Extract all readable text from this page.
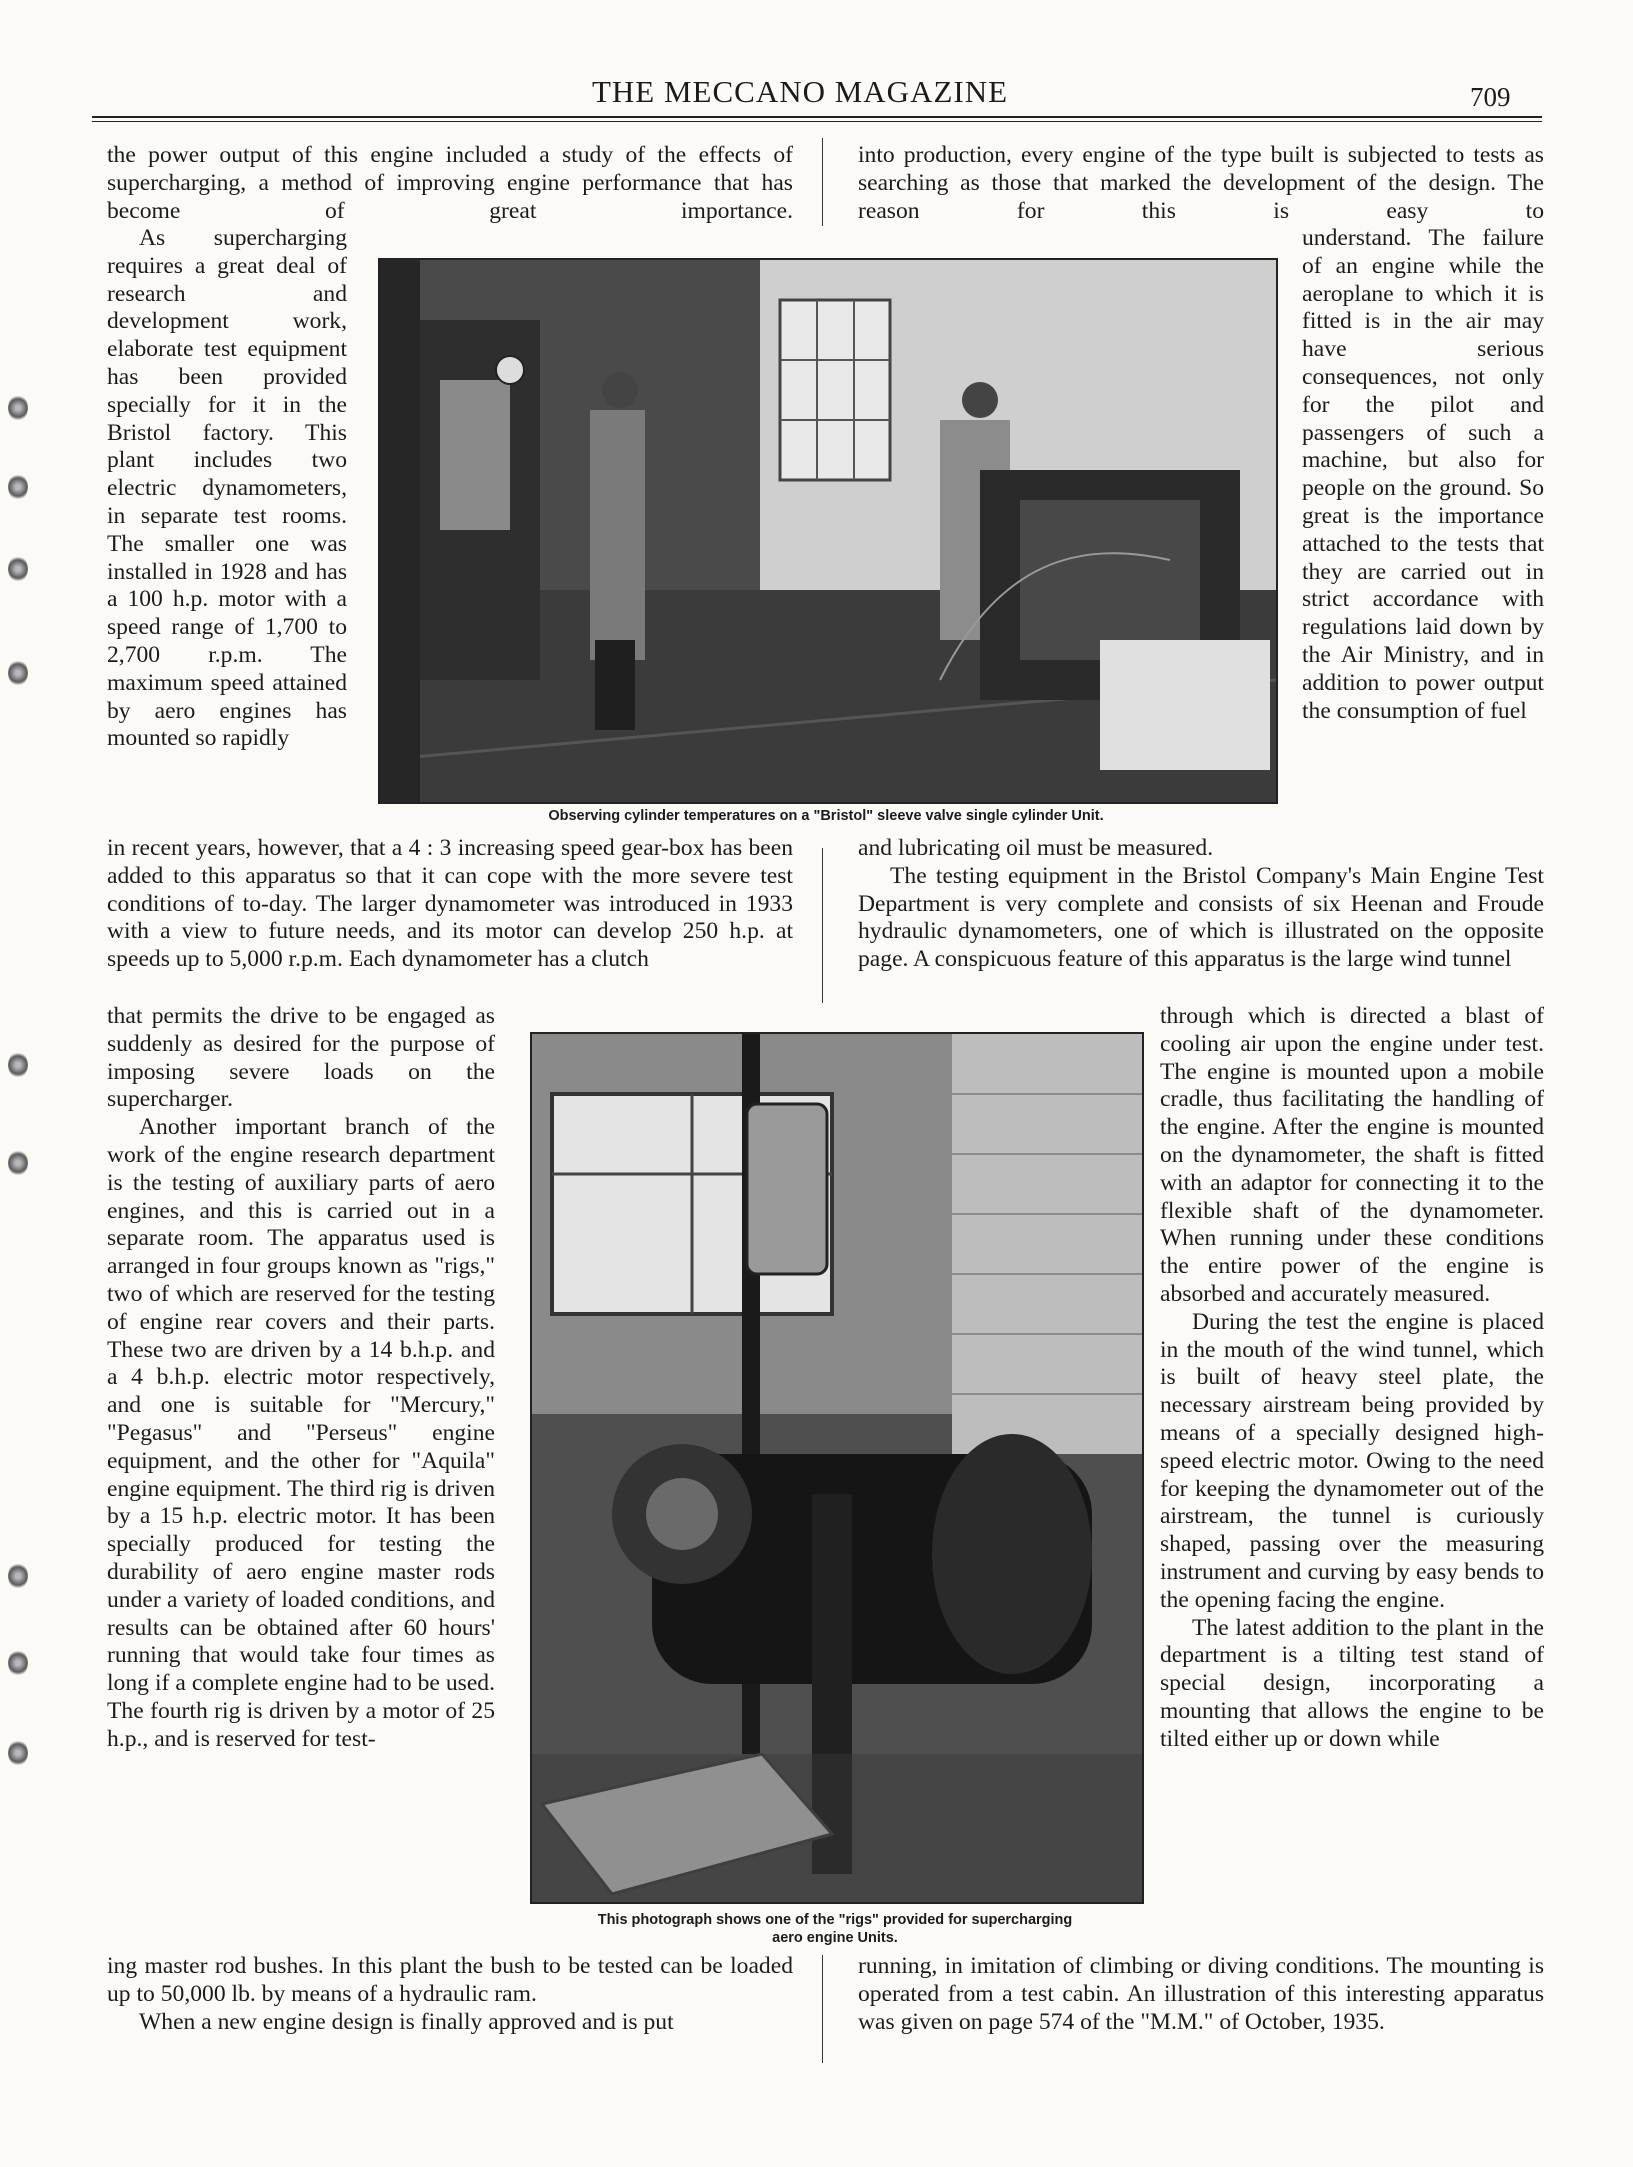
THE MECCANO MAGAZINE	709

the power output of this engine included a study of the effects of supercharging, a method of improving engine performance that has become of great importance.

As supercharging requires a great deal of research and development work, elaborate test equipment has been provided specially for it in the Bristol factory. This plant includes two electric dynamometers, in separate test rooms. The smaller one was installed in 1928 and has a 100 h.p. motor with a speed range of 1,700 to 2,700 r.p.m. The maximum speed attained by aero engines has mounted so rapidly

in recent years, however, that a 4 : 3 increasing speed gear-box has been added to this apparatus so that it can cope with the more severe test conditions of to-day. The larger dynamometer was introduced in 1933 with a view to future needs, and its motor can develop 250 h.p. at speeds up to 5,000 r.p.m. Each dynamometer has a clutch

that permits the drive to be engaged as suddenly as desired for the purpose of imposing severe loads on the supercharger.

Another important branch of the work of the engine research department is the testing of auxiliary parts of aero engines, and this is carried out in a separate room. The apparatus used is arranged in four groups known as "rigs," two of which are reserved for the testing of engine rear covers and their parts. These two are driven by a 14 b.h.p. and a 4 b.h.p. electric motor respectively, and one is suitable for "Mercury," "Pegasus" and "Perseus" engine equipment, and the other for "Aquila" engine equipment. The third rig is driven by a 15 h.p. electric motor. It has been specially produced for testing the durability of aero engine master rods under a variety of loaded conditions, and results can be obtained after 60 hours' running that would take four times as long if a complete engine had to be used. The fourth rig is driven by a motor of 25 h.p., and is reserved for test-

ing master rod bushes. In this plant the bush to be tested can be loaded up to 50,000 lb. by means of a hydraulic ram.

When a new engine design is finally approved and is put

into production, every engine of the type built is subjected to tests as searching as those that marked the development of the design. The reason for this is easy to

understand. The failure of an engine while the aeroplane to which it is fitted is in the air may have serious consequences, not only for the pilot and passengers of such a machine, but also for people on the ground. So great is the importance attached to the tests that they are carried out in strict accordance with regulations laid down by the Air Ministry, and in addition to power output the consumption of fuel

and lubricating oil must be measured.

The testing equipment in the Bristol Company's Main Engine Test Department is very complete and consists of six Heenan and Froude hydraulic dynamometers, one of which is illustrated on the opposite page. A conspicuous feature of this apparatus is the large wind tunnel

through which is directed a blast of cooling air upon the engine under test. The engine is mounted upon a mobile cradle, thus facilitating the handling of the engine. After the engine is mounted on the dynamometer, the shaft is fitted with an adaptor for connecting it to the flexible shaft of the dynamometer. When running under these conditions the entire power of the engine is absorbed and accurately measured.

During the test the engine is placed in the mouth of the wind tunnel, which is built of heavy steel plate, the necessary airstream being provided by means of a specially designed high-speed electric motor. Owing to the need for keeping the dynamometer out of the airstream, the tunnel is curiously shaped, passing over the measuring instrument and curving by easy bends to the opening facing the engine.

The latest addition to the plant in the department is a tilting test stand of special design, incorporating a mounting that allows the engine to be tilted either up or down while

running, in imitation of climbing or diving conditions. The mounting is operated from a test cabin. An illustration of this interesting apparatus was given on page 574 of the "M.M." of October, 1935.

Observing cylinder temperatures on a "Bristol" sleeve valve single cylinder Unit.
This photograph shows one of the "rigs" provided for supercharging
aero engine Units.
